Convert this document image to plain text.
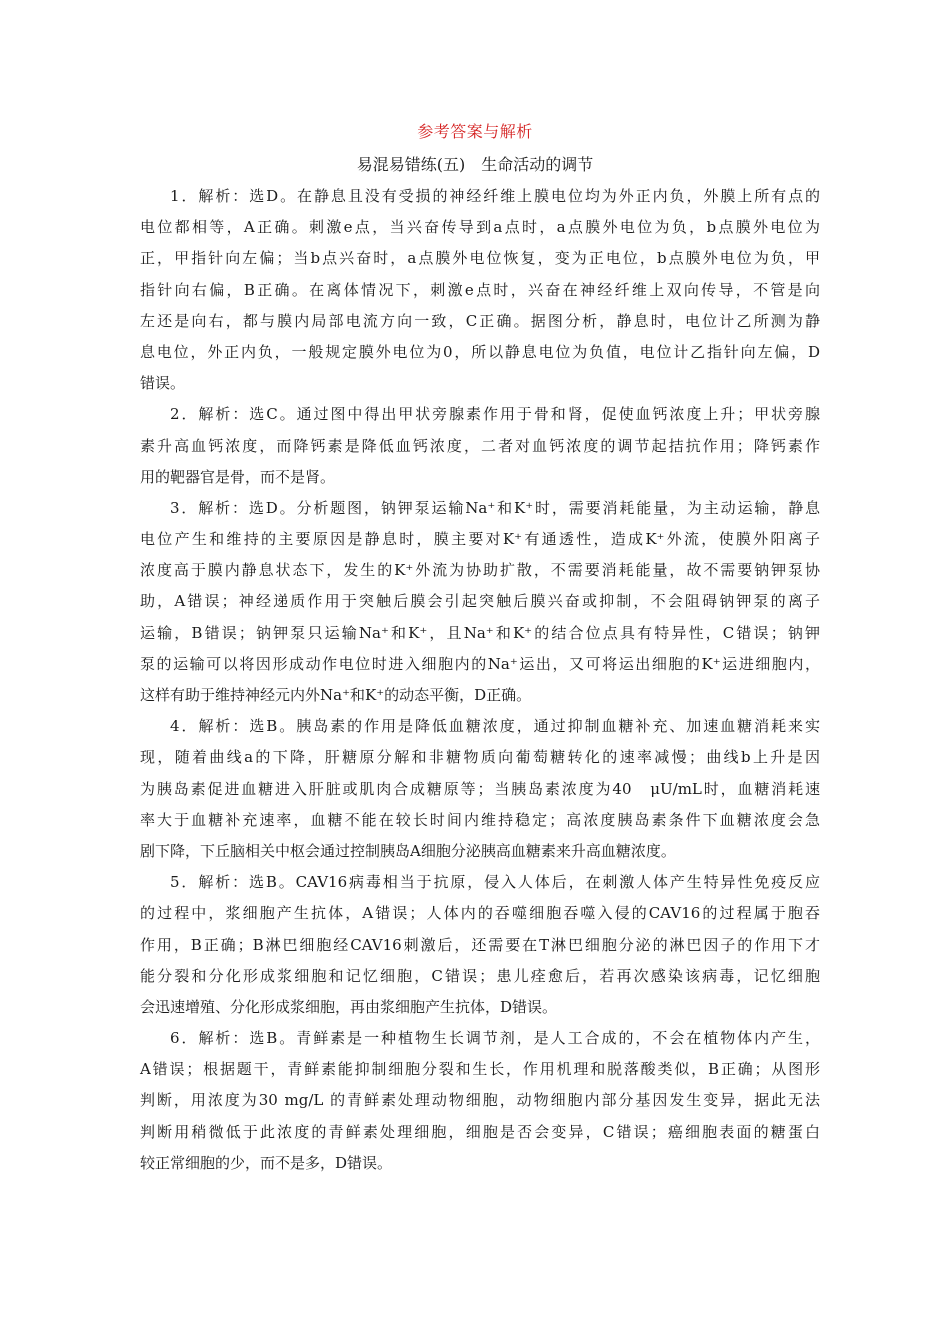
参考答案与解析
易混易错练(五)　生命活动的调节
1．解析：选D。在静息且没有受损的神经纤维上膜电位均为外正内负，外膜上所有点的
电位都相等，A正确。刺激e点，当兴奋传导到a点时，a点膜外电位为负，b点膜外电位为
正，甲指针向左偏；当b点兴奋时，a点膜外电位恢复，变为正电位，b点膜外电位为负，甲
指针向右偏，B正确。在离体情况下，刺激e点时，兴奋在神经纤维上双向传导，不管是向
左还是向右，都与膜内局部电流方向一致，C正确。据图分析，静息时，电位计乙所测为静
息电位，外正内负，一般规定膜外电位为0，所以静息电位为负值，电位计乙指针向左偏，D
错误。
2．解析：选C。通过图中得出甲状旁腺素作用于骨和肾，促使血钙浓度上升；甲状旁腺
素升高血钙浓度，而降钙素是降低血钙浓度，二者对血钙浓度的调节起拮抗作用；降钙素作
用的靶器官是骨，而不是肾。
3．解析：选D。分析题图，钠钾泵运输Na⁺和K⁺时，需要消耗能量，为主动运输，静息
电位产生和维持的主要原因是静息时，膜主要对K⁺有通透性，造成K⁺外流，使膜外阳离子
浓度高于膜内静息状态下，发生的K⁺外流为协助扩散，不需要消耗能量，故不需要钠钾泵协
助，A错误；神经递质作用于突触后膜会引起突触后膜兴奋或抑制，不会阻碍钠钾泵的离子
运输，B错误；钠钾泵只运输Na⁺和K⁺，且Na⁺和K⁺的结合位点具有特异性，C错误；钠钾
泵的运输可以将因形成动作电位时进入细胞内的Na⁺运出，又可将运出细胞的K⁺运进细胞内，
这样有助于维持神经元内外Na⁺和K⁺的动态平衡，D正确。
4．解析：选B。胰岛素的作用是降低血糖浓度，通过抑制血糖补充、加速血糖消耗来实
现，随着曲线a的下降，肝糖原分解和非糖物质向葡萄糖转化的速率减慢；曲线b上升是因
为胰岛素促进血糖进入肝脏或肌肉合成糖原等；当胰岛素浓度为40　μU/mL时，血糖消耗速
率大于血糖补充速率，血糖不能在较长时间内维持稳定；高浓度胰岛素条件下血糖浓度会急
剧下降，下丘脑相关中枢会通过控制胰岛A细胞分泌胰高血糖素来升高血糖浓度。
5．解析：选B。CAV16病毒相当于抗原，侵入人体后，在刺激人体产生特异性免疫反应
的过程中，浆细胞产生抗体，A错误；人体内的吞噬细胞吞噬入侵的CAV16的过程属于胞吞
作用，B正确；B淋巴细胞经CAV16刺激后，还需要在T淋巴细胞分泌的淋巴因子的作用下才
能分裂和分化形成浆细胞和记忆细胞，C错误；患儿痊愈后，若再次感染该病毒，记忆细胞
会迅速增殖、分化形成浆细胞，再由浆细胞产生抗体，D错误。
6．解析：选B。青鲜素是一种植物生长调节剂，是人工合成的，不会在植物体内产生，
A错误；根据题干，青鲜素能抑制细胞分裂和生长，作用机理和脱落酸类似，B正确；从图形
判断，用浓度为30 mg/L 的青鲜素处理动物细胞，动物细胞内部分基因发生变异，据此无法
判断用稍微低于此浓度的青鲜素处理细胞，细胞是否会变异，C错误；癌细胞表面的糖蛋白
较正常细胞的少，而不是多，D错误。
